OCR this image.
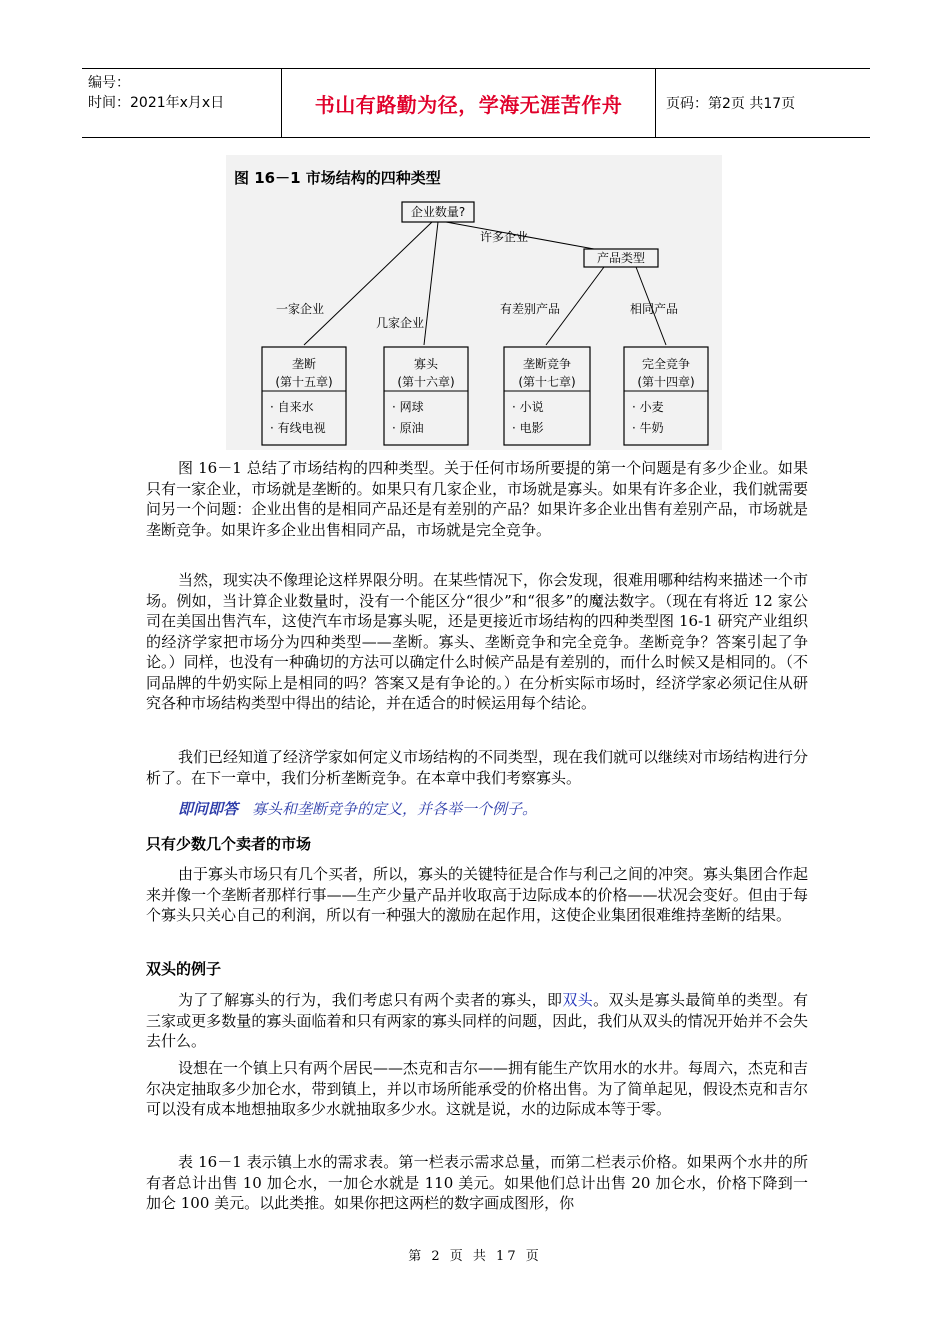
编号：
时间：2021年x月x日	书山有路勤为径，学海无涯苦作舟	页码：第2页 共17页
图 16－1 市场结构的四种类型
企业数量?
产品类型
许多企业
一家企业
几家企业
有差别产品	相同产品
垄断
(第十五章)
· 自来水
· 有线电视
寡头
(第十六章)
· 网球
· 原油
垄断竞争
(第十七章)
· 小说
· 电影
完全竞争
(第十四章)
· 小麦
· 牛奶

图 16－1 总结了市场结构的四种类型。关于任何市场所要提的第一个问题是有多少企业。如果只有一家企业，市场就是垄断的。如果只有几家企业，市场就是寡头。如果有许多企业，我们就需要问另一个问题：企业出售的是相同产品还是有差别的产品？如果许多企业出售有差别产品，市场就是垄断竞争。如果许多企业出售相同产品，市场就是完全竞争。

当然，现实决不像理论这样界限分明。在某些情况下，你会发现，很难用哪种结构来描述一个市场。例如，当计算企业数量时，没有一个能区分“很少”和“很多”的魔法数字。（现在有将近 12 家公司在美国出售汽车，这使汽车市场是寡头呢，还是更接近市场结构的四种类型图 16-1 研究产业组织的经济学家把市场分为四种类型——垄断。寡头、垄断竞争和完全竞争。垄断竞争？答案引起了争论。）同样，也没有一种确切的方法可以确定什么时候产品是有差别的，而什么时候又是相同的。（不同品牌的牛奶实际上是相同的吗？答案又是有争论的。）在分析实际市场时，经济学家必须记住从研究各种市场结构类型中得出的结论，并在适合的时候运用每个结论。

我们已经知道了经济学家如何定义市场结构的不同类型，现在我们就可以继续对市场结构进行分析了。在下一章中，我们分析垄断竞争。在本章中我们考察寡头。

即问即答 寡头和垄断竞争的定义，并各举一个例子。
只有少数几个卖者的市场

由于寡头市场只有几个买者，所以，寡头的关键特征是合作与利己之间的冲突。寡头集团合作起来并像一个垄断者那样行事——生产少量产品并收取高于边际成本的价格——状况会变好。但由于每个寡头只关心自己的利润，所以有一种强大的激励在起作用，这使企业集团很难维持垄断的结果。

双头的例子

为了了解寡头的行为，我们考虑只有两个卖者的寡头，即双头。双头是寡头最简单的类型。有三家或更多数量的寡头面临着和只有两家的寡头同样的问题，因此，我们从双头的情况开始并不会失去什么。

设想在一个镇上只有两个居民——杰克和吉尔——拥有能生产饮用水的水井。每周六，杰克和吉尔决定抽取多少加仑水，带到镇上，并以市场所能承受的价格出售。为了简单起见，假设杰克和吉尔可以没有成本地想抽取多少水就抽取多少水。这就是说，水的边际成本等于零。

表 16－1 表示镇上水的需求表。第一栏表示需求总量，而第二栏表示价格。如果两个水井的所有者总计出售 10 加仑水，一加仑水就是 110 美元。如果他们总计出售 20 加仑水，价格下降到一加仑 100 美元。以此类推。如果你把这两栏的数字画成图形，你

第 2 页 共 17 页
